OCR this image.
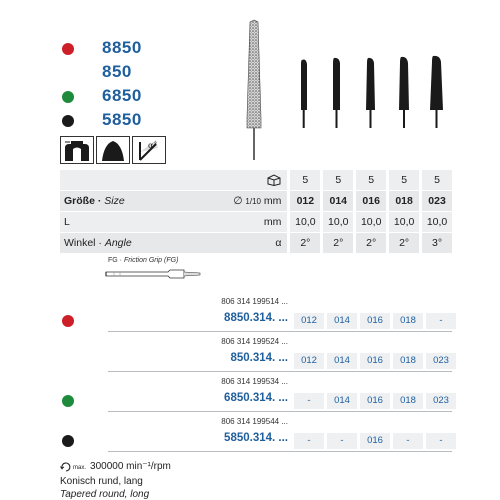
8850
850
6850
5850
α °
5	5	5	5	5
Größe · Size	∅ 1/10 mm	012	014	016	018	023
L	mm	10,0	10,0	10,0	10,0	10,0
Winkel · Angle	α	2°	2°	2°	2°	3°
FG · Friction Grip (FG)
806 314 199514 ...
8850.314. ...	012	014	016	018	-
806 314 199524 ...
850.314. ...	012	014	016	018	023
806 314 199534 ...
6850.314. ...	-	014	016	018	023
806 314 199544 ...
5850.314. ...	-	-	016	-	-
max. 300000 min⁻¹/rpm
Konisch rund, lang
Tapered round, long
